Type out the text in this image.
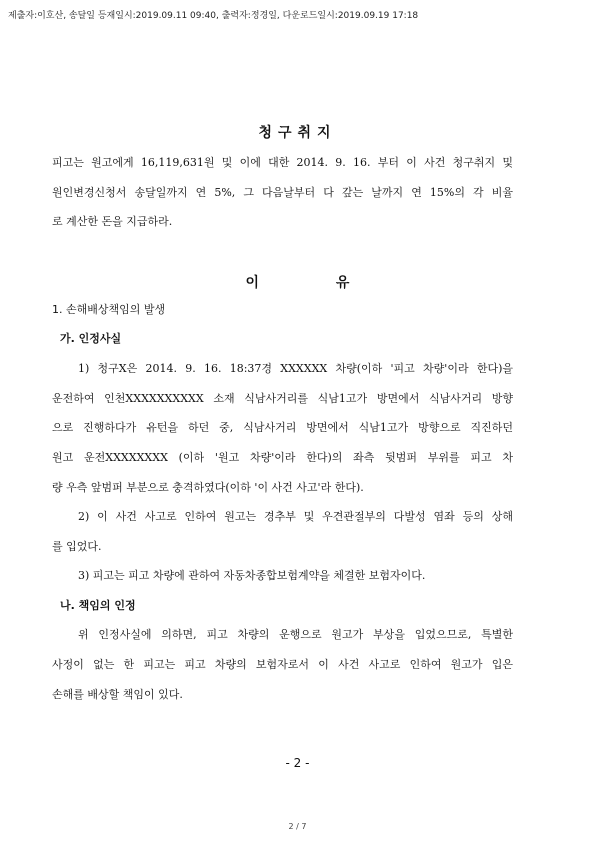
제출자:이호산, 송달일 등재일시:2019.09.11 09:40, 출력자:정경일, 다운로드일시:2019.09.19 17:18
청구취지
피고는 원고에게 16,119,631원 및 이에 대한 2014. 9. 16. 부터 이 사건 청구취지 및
원인변경신청서 송달일까지 연 5%, 그 다음날부터 다 갚는 날까지 연 15%의 각 비율
로 계산한 돈을 지급하라.
이 유
1. 손해배상책임의 발생
가. 인정사실
1) 청구X은 2014. 9. 16. 18:37경 XXXXXX 차량(이하 '피고 차량'이라 한다)을
운전하여 인천XXXXXXXXXX 소재 식남사거리를 식남1고가 방면에서 식남사거리 방향
으로 진행하다가 유턴을 하던 중, 식남사거리 방면에서 식남1고가 방향으로 직진하던
원고 운전XXXXXXXX (이하 '원고 차량'이라 한다)의 좌측 뒷범퍼 부위를 피고 차
량 우측 앞범퍼 부분으로 충격하였다(이하 '이 사건 사고'라 한다).
2) 이 사건 사고로 인하여 원고는 경추부 및 우견관절부의 다발성 염좌 등의 상해
를 입었다.
3) 피고는 피고 차량에 관하여 자동차종합보험계약을 체결한 보험자이다.
나. 책임의 인정
위 인정사실에 의하면, 피고 차량의 운행으로 원고가 부상을 입었으므로, 특별한
사정이 없는 한 피고는 피고 차량의 보험자로서 이 사건 사고로 인하여 원고가 입은
손해를 배상할 책임이 있다.
- 2 -
2 / 7
